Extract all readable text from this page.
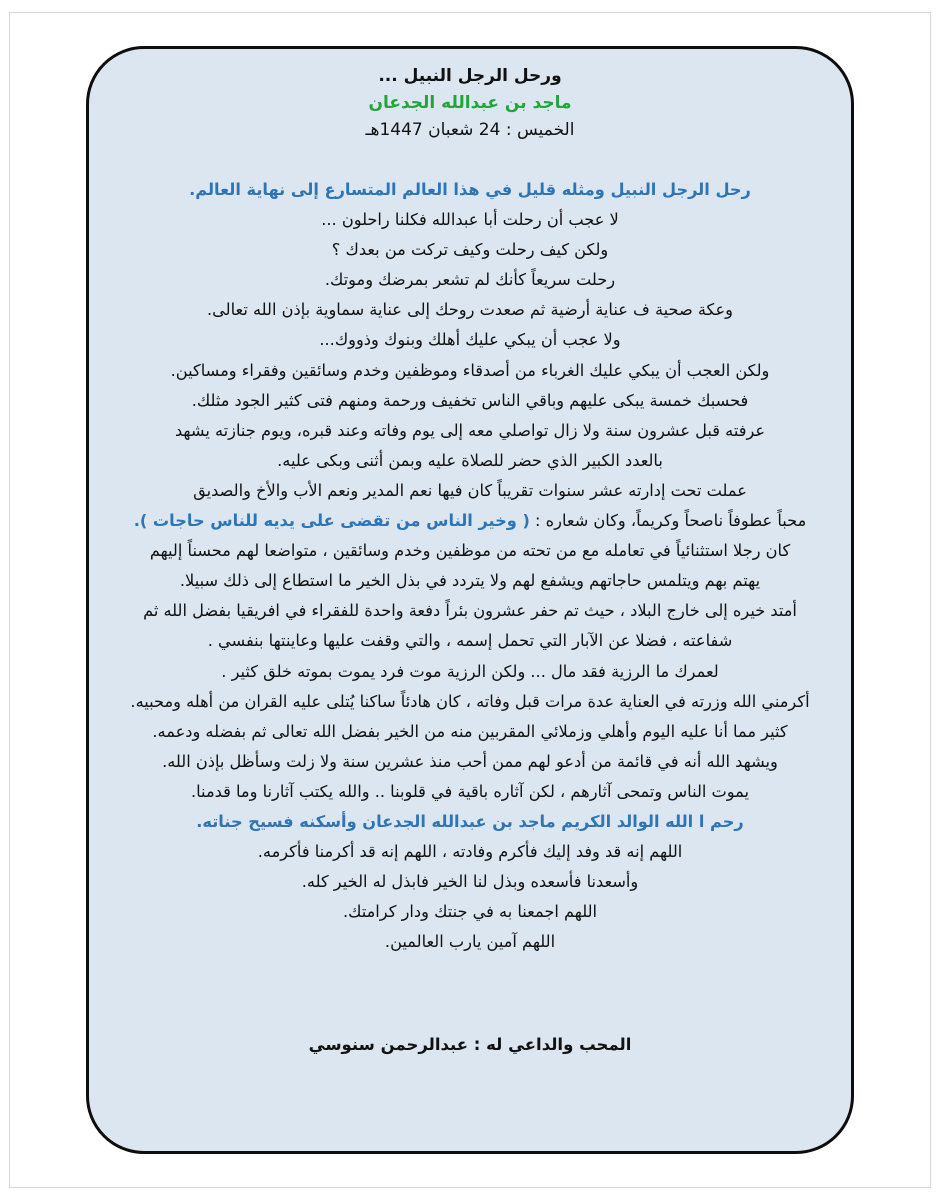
ورحل الرجل النبيل ...
ماجد بن عبدالله الجدعان
الخميس : 24 شعبان 1447هـ
رحل الرجل النبيل ومثله قليل في هذا العالم المتسارع إلى نهاية العالم.
لا عجب أن رحلت أبا عبدالله فكلنا راحلون ...
ولكن كيف رحلت وكيف تركت من بعدك ؟
رحلت سريعاً كأنك لم تشعر بمرضك وموتك.
وعكة صحية ف عناية أرضية ثم صعدت روحك إلى عناية سماوية بإذن الله تعالى.
ولا عجب أن يبكي عليك أهلك وبنوك وذووك...
ولكن العجب أن يبكي عليك الغرباء من أصدقاء وموظفين وخدم وسائقين وفقراء ومساكين.
فحسبك خمسة يبكى عليهم وباقي الناس تخفيف ورحمة ومنهم فتى كثير الجود مثلك.
عرفته قبل عشرون سنة ولا زال تواصلي معه إلى يوم وفاته وعند قبره، ويوم جنازته يشهد
بالعدد الكبير الذي حضر للصلاة عليه وبمن أثنى وبكى عليه.
عملت تحت إدارته عشر سنوات تقريباً كان فيها نعم المدير ونعم الأب والأخ والصديق
محباً عطوفاً ناصحاً وكريماً، وكان شعاره : ( وخير الناس من تقضى على يديه للناس حاجات ).
كان رجلا استثنائياً في تعامله مع من تحته من موظفين وخدم وسائقين ، متواضعا لهم محسناً إليهم
يهتم بهم ويتلمس حاجاتهم ويشفع لهم ولا يتردد في بذل الخير ما استطاع إلى ذلك سبيلا.
أمتد خيره إلى خارج البلاد ، حيث تم حفر عشرون بئراً دفعة واحدة للفقراء في افريقيا بفضل الله ثم
شفاعته ، فضلا عن الآبار التي تحمل إسمه ، والتي وقفت عليها وعاينتها بنفسي .
لعمرك ما الرزية فقد مال ... ولكن الرزية موت فرد يموت بموته خلق كثير .
أكرمني الله وزرته في العناية عدة مرات قبل وفاته ، كان هادئاً ساكنا يُتلى عليه القران من أهله ومحبيه.
كثير مما أنا عليه اليوم وأهلي وزملائي المقربين منه من الخير بفضل الله تعالى ثم بفضله ودعمه.
ويشهد الله أنه في قائمة من أدعو لهم ممن أحب منذ عشرين سنة ولا زلت وسأظل بإذن الله.
يموت الناس وتمحى آثارهم ، لكن آثاره باقية في قلوبنا .. والله يكتب آثارنا وما قدمنا.
رحم ا الله الوالد الكريم ماجد بن عبدالله الجدعان وأسكنه فسيح جناته.
اللهم إنه قد وفد إليك فأكرم وفادته ، اللهم إنه قد أكرمنا فأكرمه.
وأسعدنا فأسعده وبذل لنا الخير فابذل له الخير كله.
اللهم اجمعنا به في جنتك ودار كرامتك.
اللهم آمين يارب العالمين.
المحب والداعي له : عبدالرحمن سنوسي
